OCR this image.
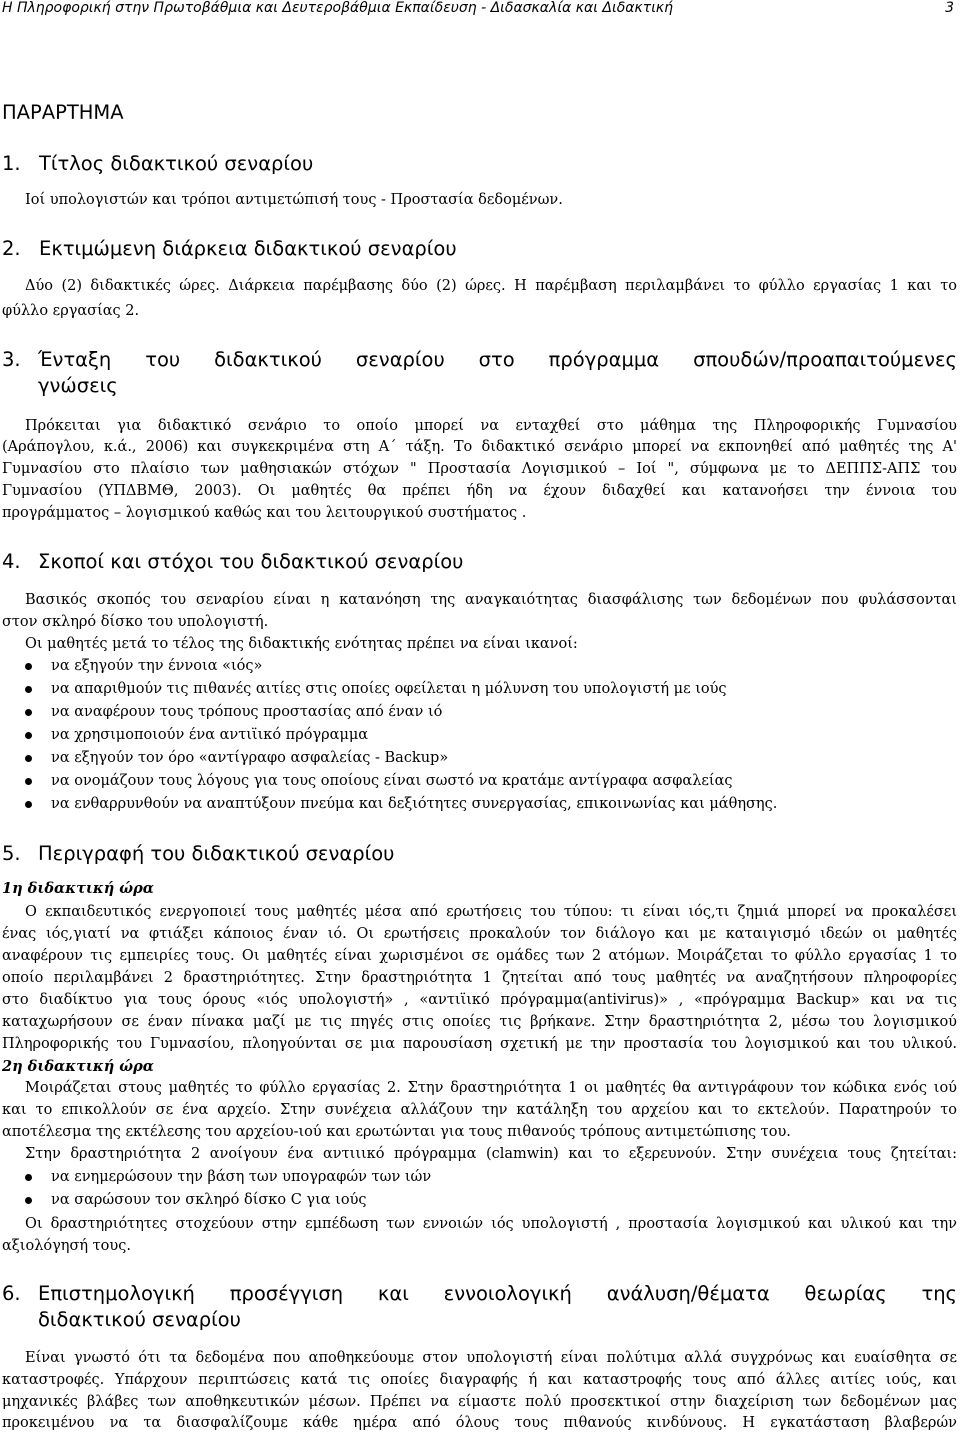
Η Πληροφορική στην Πρωτοβάθμια και Δευτεροβάθμια Εκπαίδευση - Διδασκαλία και Διδακτική	3
ΠΑΡΑΡΤΗΜΑ
1. Τίτλος διδακτικού σεναρίου
Ιοί υπολογιστών και τρόποι αντιμετώπισή τους - Προστασία δεδομένων.
2. Εκτιμώμενη διάρκεια διδακτικού σεναρίου
Δύο (2) διδακτικές ώρες. Διάρκεια παρέμβασης δύο (2) ώρες. Η παρέμβαση περιλαμβάνει το φύλλο εργασίας 1 και το
φύλλο εργασίας 2.
3. Ένταξη του διδακτικού σεναρίου στο πρόγραμμα σπουδών/προαπαιτούμενες
γνώσεις
Πρόκειται για διδακτικό σενάριο το οποίο μπορεί να ενταχθεί στο μάθημα της Πληροφορικής Γυμνασίου
(Αράπογλου, κ.ά., 2006) και συγκεκριμένα στη Α΄ τάξη. Το διδακτικό σενάριο μπορεί να εκπονηθεί από μαθητές της Α'
Γυμνασίου στο πλαίσιο των μαθησιακών στόχων " Προστασία Λογισμικού – Ιοί ", σύμφωνα με το ΔΕΠΠΣ-ΑΠΣ του
Γυμνασίου (ΥΠΔΒΜΘ, 2003). Οι μαθητές θα πρέπει ήδη να έχουν διδαχθεί και κατανοήσει την έννοια του
προγράμματος – λογισμικού καθώς και του λειτουργικού συστήματος .
4. Σκοποί και στόχοι του διδακτικού σεναρίου
Βασικός σκοπός του σεναρίου είναι η κατανόηση της αναγκαιότητας διασφάλισης των δεδομένων που φυλάσσονται
στον σκληρό δίσκο του υπολογιστή.
Οι μαθητές μετά το τέλος της διδακτικής ενότητας πρέπει να είναι ικανοί:
να εξηγούν την έννοια «ιός»
να απαριθμούν τις πιθανές αιτίες στις οποίες οφείλεται η μόλυνση του υπολογιστή με ιούς
να αναφέρουν τους τρόπους προστασίας από έναν ιό
να χρησιμοποιούν ένα αντιϊικό πρόγραμμα
να εξηγούν τον όρο «αντίγραφο ασφαλείας - Backup»
να ονομάζουν τους λόγους για τους οποίους είναι σωστό να κρατάμε αντίγραφα ασφαλείας
να ενθαρρυνθούν να αναπτύξουν πνεύμα και δεξιότητες συνεργασίας, επικοινωνίας και μάθησης.
5. Περιγραφή του διδακτικού σεναρίου
1η διδακτική ώρα
Ο εκπαιδευτικός ενεργοποιεί τους μαθητές μέσα από ερωτήσεις του τύπου: τι είναι ιός,τι ζημιά μπορεί να προκαλέσει
ένας ιός,γιατί να φτιάξει κάποιος έναν ιό. Οι ερωτήσεις προκαλούν τον διάλογο και με καταιγισμό ιδεών οι μαθητές
αναφέρουν τις εμπειρίες τους. Οι μαθητές είναι χωρισμένοι σε ομάδες των 2 ατόμων. Μοιράζεται το φύλλο εργασίας 1 το
οποίο περιλαμβάνει 2 δραστηριότητες. Στην δραστηριότητα 1 ζητείται από τους μαθητές να αναζητήσουν πληροφορίες
στο διαδίκτυο για τους όρους «ιός υπολογιστή» , «αντιϊικό πρόγραμμα(antivirus)» , «πρόγραμμα Backup» και να τις
καταχωρήσουν σε έναν πίνακα μαζί με τις πηγές στις οποίες τις βρήκανε. Στην δραστηριότητα 2, μέσω του λογισμικού
Πληροφορικής του Γυμνασίου, πλοηγούνται σε μια παρουσίαση σχετική με την προστασία του λογισμικού και του υλικού.
2η διδακτική ώρα
Μοιράζεται στους μαθητές το φύλλο εργασίας 2. Στην δραστηριότητα 1 οι μαθητές θα αντιγράφουν τον κώδικα ενός ιού
και το επικολλούν σε ένα αρχείο. Στην συνέχεια αλλάζουν την κατάληξη του αρχείου και το εκτελούν. Παρατηρούν το
αποτέλεσμα της εκτέλεσης του αρχείου-ιού και ερωτώνται για τους πιθανούς τρόπους αντιμετώπισης του.
Στην δραστηριότητα 2 ανοίγουν ένα αντιιικό πρόγραμμα (clamwin) και το εξερευνούν. Στην συνέχεια τους ζητείται:
να ενημερώσουν την βάση των υπογραφών των ιών
να σαρώσουν τον σκληρό δίσκο C για ιούς
Οι δραστηριότητες στοχεύουν στην εμπέδωση των εννοιών ιός υπολογιστή , προστασία λογισμικού και υλικού και την
αξιολόγησή τους.
6. Επιστημολογική προσέγγιση και εννοιολογική ανάλυση/θέματα θεωρίας της
διδακτικού σεναρίου
Είναι γνωστό ότι τα δεδομένα που αποθηκεύουμε στον υπολογιστή είναι πολύτιμα αλλά συγχρόνως και ευαίσθητα σε
καταστροφές. Υπάρχουν περιπτώσεις κατά τις οποίες διαγραφής ή και καταστροφής τους από άλλες αιτίες ιούς, και
μηχανικές βλάβες των αποθηκευτικών μέσων. Πρέπει να είμαστε πολύ προσεκτικοί στην διαχείριση των δεδομένων μας
προκειμένου να τα διασφαλίζουμε κάθε ημέρα από όλους τους πιθανούς κινδύνους. Η εγκατάσταση βλαβερών
